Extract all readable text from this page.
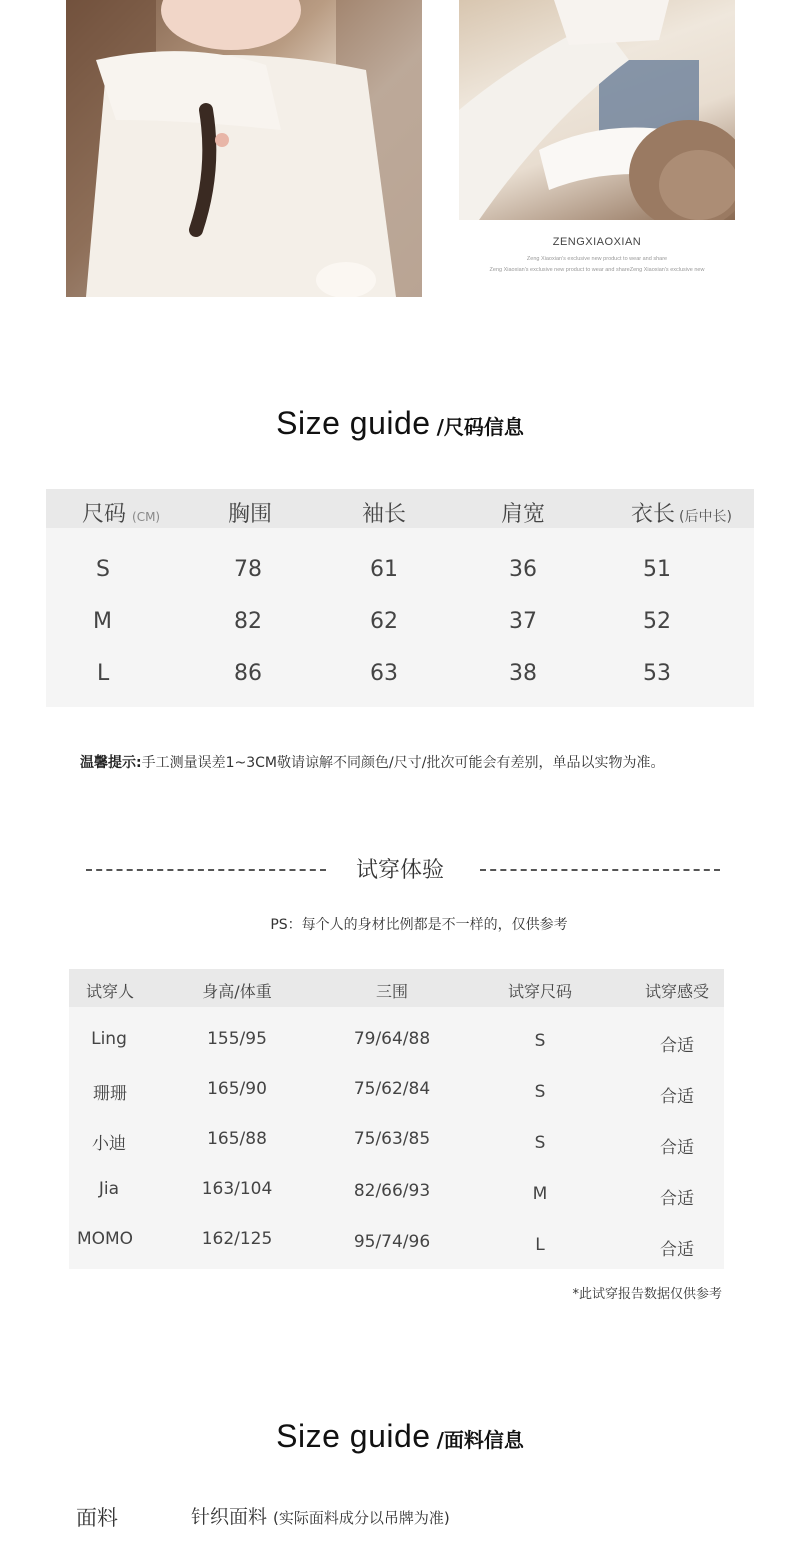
ZENGXIAOXIAN
Zeng Xiaoxian's exclusive new product to wear and share
Zeng Xiaoxian's exclusive new product to wear and shareZeng Xiaoxian's exclusive new
Size guide /尺码信息
尺码 (CM)	胸围	袖长	肩宽	衣长 (后中长)
S	78	61	36	51
M	82	62	37	52
L	86	63	38	53
温馨提示:手工测量误差1~3CM敬请谅解不同颜色/尺寸/批次可能会有差别，单品以实物为准。
试穿体验
PS：每个人的身材比例都是不一样的，仅供参考
试穿人	身高/体重	三围	试穿尺码	试穿感受
Ling	155/95	79/64/88	S	合适
珊珊	165/90	75/62/84	S	合适
小迪	165/88	75/63/85	S	合适
Jia	163/104	82/66/93	M	合适
MOMO	162/125	95/74/96	L	合适
*此试穿报告数据仅供参考
Size guide /面料信息
面料	针织面料 (实际面料成分以吊牌为准)
